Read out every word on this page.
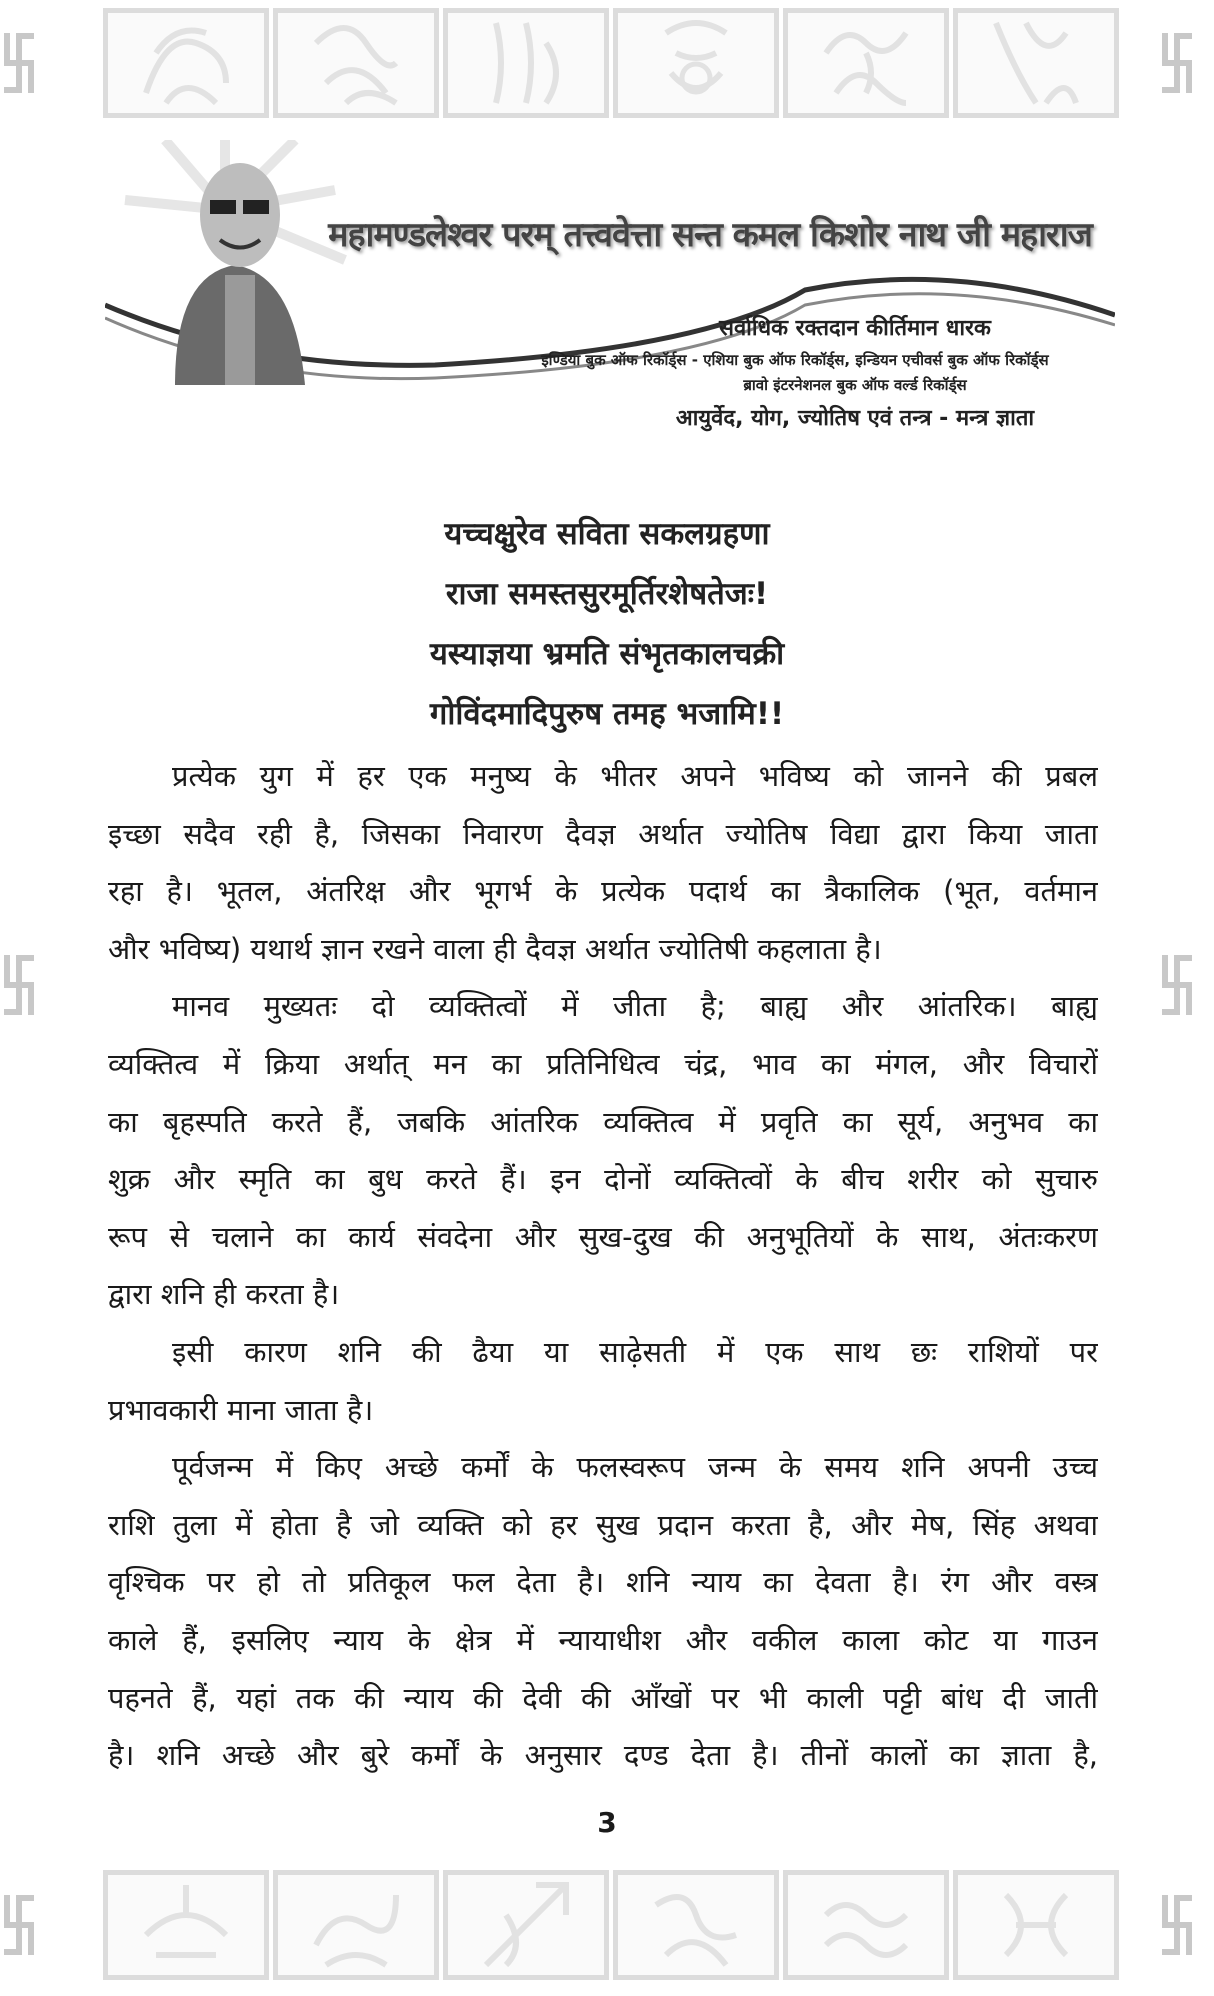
महामण्डलेश्वर परम् तत्त्ववेत्ता सन्त कमल किशोर नाथ जी महाराज
सर्वाधिक रक्तदान कीर्तिमान धारक
इण्डिया बुक ऑफ रिकॉर्ड्स - एशिया बुक ऑफ रिकॉर्ड्स, इन्डियन एचीवर्स बुक ऑफ रिकॉर्ड्स
ब्रावो इंटरनेशनल बुक ऑफ वर्ल्ड रिकॉर्ड्स
आयुर्वेद, योग, ज्योतिष एवं तन्त्र - मन्त्र ज्ञाता
यच्चक्षुरेव सविता सकलग्रहणा
राजा समस्तसुरमूर्तिरशेषतेजः!
यस्याज्ञया भ्रमति संभृतकालचक्री
गोविंदमादिपुरुष तमह भजामि!!
प्रत्येक युग में हर एक मनुष्य के भीतर अपने भविष्य को जानने की प्रबल
इच्छा सदैव रही है, जिसका निवारण दैवज्ञ अर्थात ज्योतिष विद्या द्वारा किया जाता
रहा है। भूतल, अंतरिक्ष और भूगर्भ के प्रत्येक पदार्थ का त्रैकालिक (भूत, वर्तमान
और भविष्य) यथार्थ ज्ञान रखने वाला ही दैवज्ञ अर्थात ज्योतिषी कहलाता है।
मानव मुख्यतः दो व्यक्तित्वों में जीता है; बाह्य और आंतरिक। बाह्य
व्यक्तित्व में क्रिया अर्थात् मन का प्रतिनिधित्व चंद्र, भाव का मंगल, और विचारों
का बृहस्पति करते हैं, जबकि आंतरिक व्यक्तित्व में प्रवृति का सूर्य, अनुभव का
शुक्र और स्मृति का बुध करते हैं। इन दोनों व्यक्तित्वों के बीच शरीर को सुचारु
रूप से चलाने का कार्य संवदेना और सुख-दुख की अनुभूतियों के साथ, अंतःकरण
द्वारा शनि ही करता है।
इसी कारण शनि की ढैया या साढ़ेसती में एक साथ छः राशियों पर
प्रभावकारी माना जाता है।
पूर्वजन्म में किए अच्छे कर्मों के फलस्वरूप जन्म के समय शनि अपनी उच्च
राशि तुला में होता है जो व्यक्ति को हर सुख प्रदान करता है, और मेष, सिंह अथवा
वृश्चिक पर हो तो प्रतिकूल फल देता है। शनि न्याय का देवता है। रंग और वस्त्र
काले हैं, इसलिए न्याय के क्षेत्र में न्यायाधीश और वकील काला कोट या गाउन
पहनते हैं, यहां तक की न्याय की देवी की आँखों पर भी काली पट्टी बांध दी जाती
है। शनि अच्छे और बुरे कर्मों के अनुसार दण्ड देता है। तीनों कालों का ज्ञाता है,
3
